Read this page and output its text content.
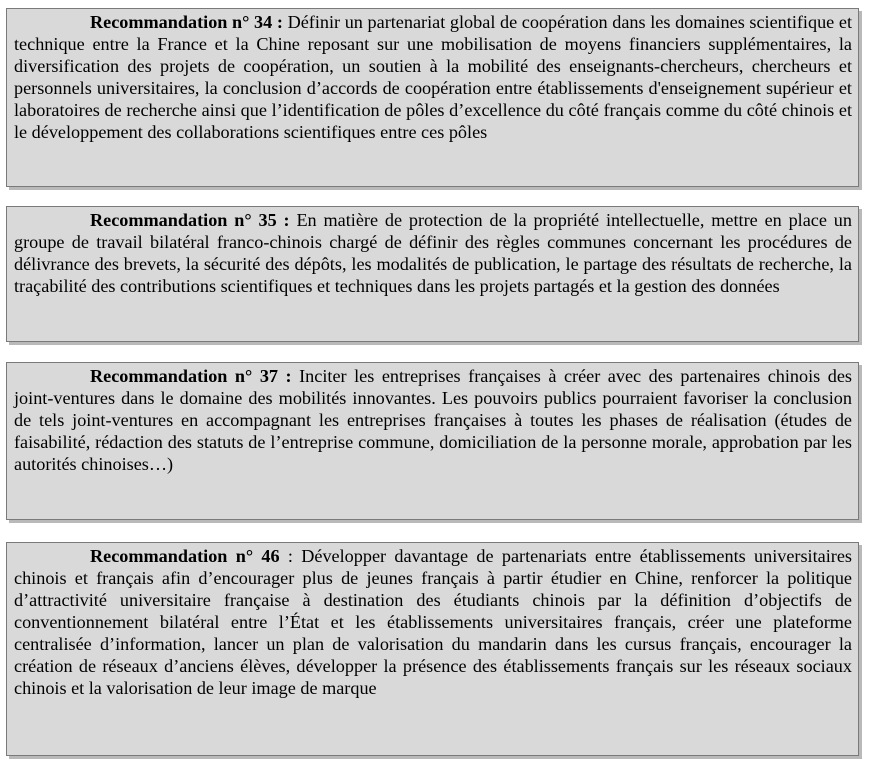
Recommandation n° 34 : Définir un partenariat global de coopération dans les domaines scientifique et technique entre la France et la Chine reposant sur une mobilisation de moyens financiers supplémentaires, la diversification des projets de coopération, un soutien à la mobilité des enseignants-chercheurs, chercheurs et personnels universitaires, la conclusion d’accords de coopération entre établissements d'enseignement supérieur et laboratoires de recherche ainsi que l’identification de pôles d’excellence du côté français comme du côté chinois et le développement des collaborations scientifiques entre ces pôles
Recommandation n° 35 : En matière de protection de la propriété intellectuelle, mettre en place un groupe de travail bilatéral franco-chinois chargé de définir des règles communes concernant les procédures de délivrance des brevets, la sécurité des dépôts, les modalités de publication, le partage des résultats de recherche, la traçabilité des contributions scientifiques et techniques dans les projets partagés et la gestion des données
Recommandation n° 37 : Inciter les entreprises françaises à créer avec des partenaires chinois des joint-ventures dans le domaine des mobilités innovantes. Les pouvoirs publics pourraient favoriser la conclusion de tels joint-ventures en accompagnant les entreprises françaises à toutes les phases de réalisation (études de faisabilité, rédaction des statuts de l’entreprise commune, domiciliation de la personne morale, approbation par les autorités chinoises…)
Recommandation n° 46 : Développer davantage de partenariats entre établissements universitaires chinois et français afin d’encourager plus de jeunes français à partir étudier en Chine, renforcer la politique d’attractivité universitaire française à destination des étudiants chinois par la définition d’objectifs de conventionnement bilatéral entre l’État et les établissements universitaires français, créer une plateforme centralisée d’information, lancer un plan de valorisation du mandarin dans les cursus français, encourager la création de réseaux d’anciens élèves, développer la présence des établissements français sur les réseaux sociaux chinois et la valorisation de leur image de marque
